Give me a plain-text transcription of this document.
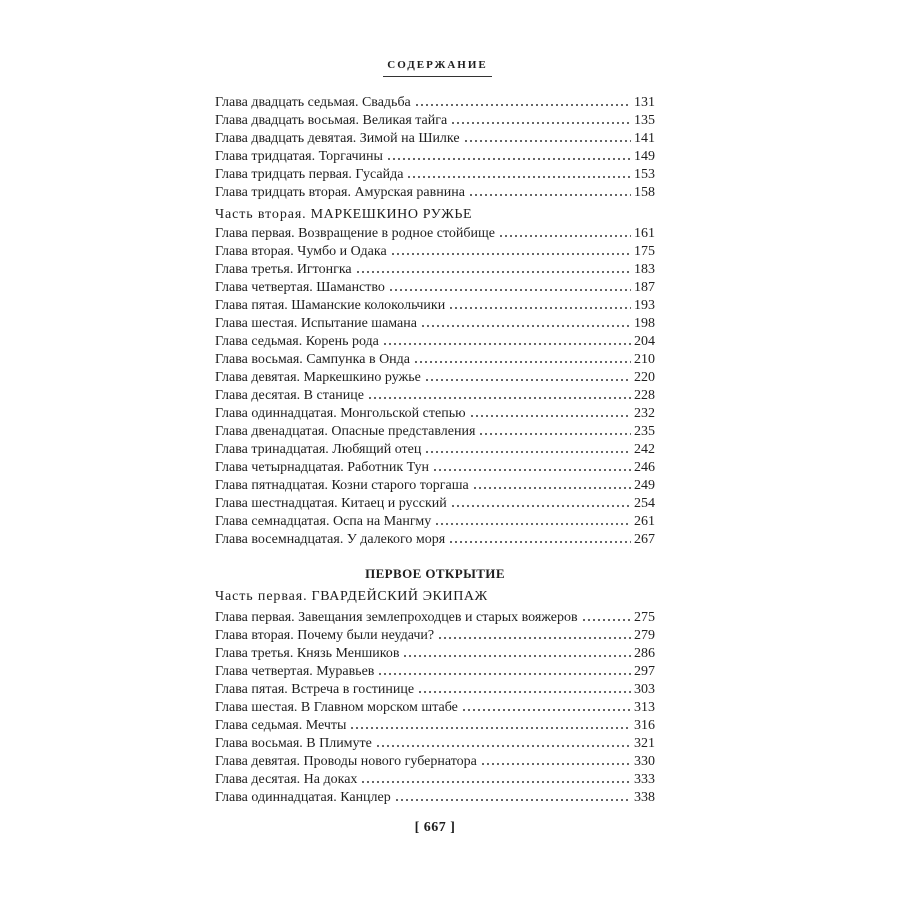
СОДЕРЖАНИЕ
Глава двадцать седьмая. Свадьба	131
Глава двадцать восьмая. Великая тайга	135
Глава двадцать девятая. Зимой на Шилке	141
Глава тридцатая. Торгачины	149
Глава тридцать первая. Гусайда	153
Глава тридцать вторая. Амурская равнина	158
Часть вторая. МАРКЕШКИНО РУЖЬЕ
Глава первая. Возвращение в родное стойбище	161
Глава вторая. Чумбо и Одака	175
Глава третья. Игтонгка	183
Глава четвертая. Шаманство	187
Глава пятая. Шаманские колокольчики	193
Глава шестая. Испытание шамана	198
Глава седьмая. Корень рода	204
Глава восьмая. Сампунка в Онда	210
Глава девятая. Маркешкино ружье	220
Глава десятая. В станице	228
Глава одиннадцатая. Монгольской степью	232
Глава двенадцатая. Опасные представления	235
Глава тринадцатая. Любящий отец	242
Глава четырнадцатая. Работник Тун	246
Глава пятнадцатая. Козни старого торгаша	249
Глава шестнадцатая. Китаец и русский	254
Глава семнадцатая. Оспа на Мангму	261
Глава восемнадцатая. У далекого моря	267
ПЕРВОЕ ОТКРЫТИЕ
Часть первая. ГВАРДЕЙСКИЙ ЭКИПАЖ
Глава первая. Завещания землепроходцев и старых вояжеров	275
Глава вторая. Почему были неудачи?	279
Глава третья. Князь Меншиков	286
Глава четвертая. Муравьев	297
Глава пятая. Встреча в гостинице	303
Глава шестая. В Главном морском штабе	313
Глава седьмая. Мечты	316
Глава восьмая. В Плимуте	321
Глава девятая. Проводы нового губернатора	330
Глава десятая. На доках	333
Глава одиннадцатая. Канцлер	338
[ 667 ]
